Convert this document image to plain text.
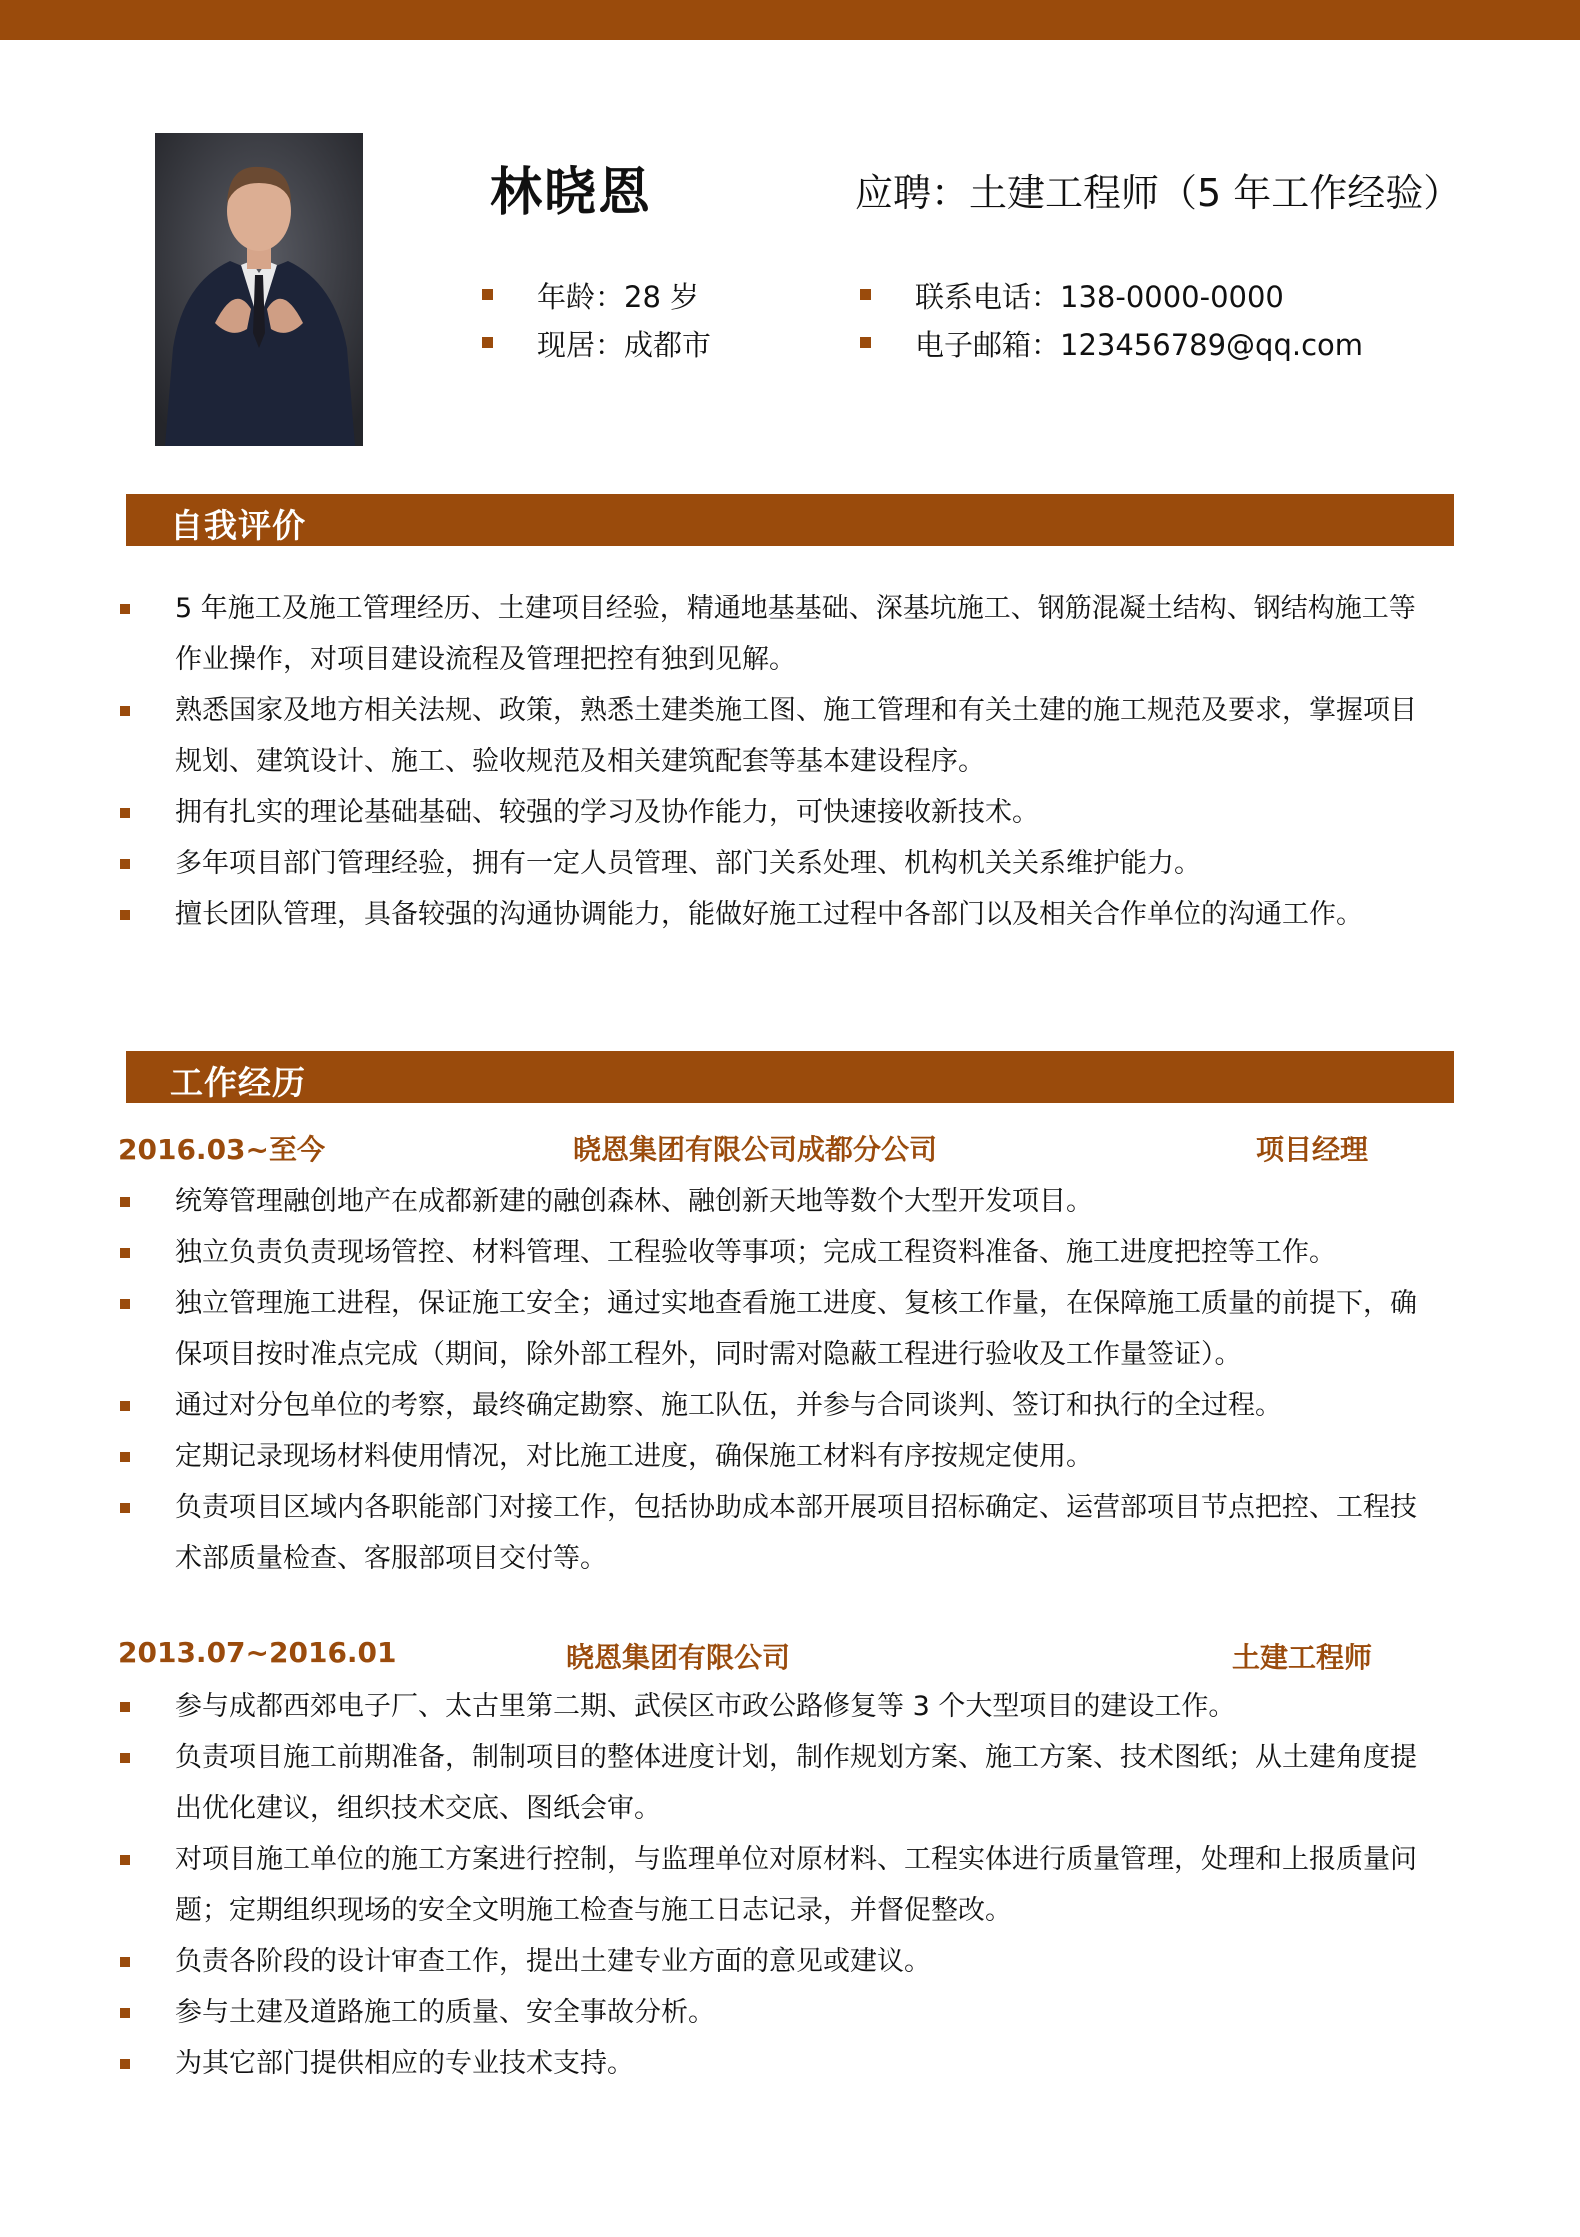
林晓恩	应聘：土建工程师（5 年工作经验）
年龄：28 岁
现居：成都市
联系电话：138-0000-0000
电子邮箱：123456789@qq.com
自我评价
5 年施工及施工管理经历、土建项目经验，精通地基基础、深基坑施工、钢筋混凝土结构、钢结构施工等作业操作，对项目建设流程及管理把控有独到见解。
熟悉国家及地方相关法规、政策，熟悉土建类施工图、施工管理和有关土建的施工规范及要求，掌握项目规划、建筑设计、施工、验收规范及相关建筑配套等基本建设程序。
拥有扎实的理论基础基础、较强的学习及协作能力，可快速接收新技术。
多年项目部门管理经验，拥有一定人员管理、部门关系处理、机构机关关系维护能力。
擅长团队管理，具备较强的沟通协调能力，能做好施工过程中各部门以及相关合作单位的沟通工作。
工作经历
2016.03~至今	晓恩集团有限公司成都分公司	项目经理
统筹管理融创地产在成都新建的融创森林、融创新天地等数个大型开发项目。
独立负责负责现场管控、材料管理、工程验收等事项；完成工程资料准备、施工进度把控等工作。
独立管理施工进程，保证施工安全；通过实地查看施工进度、复核工作量，在保障施工质量的前提下，确保项目按时准点完成（期间，除外部工程外，同时需对隐蔽工程进行验收及工作量签证）。
通过对分包单位的考察，最终确定勘察、施工队伍，并参与合同谈判、签订和执行的全过程。
定期记录现场材料使用情况，对比施工进度，确保施工材料有序按规定使用。
负责项目区域内各职能部门对接工作，包括协助成本部开展项目招标确定、运营部项目节点把控、工程技术部质量检查、客服部项目交付等。
2013.07~2016.01	晓恩集团有限公司	土建工程师
参与成都西郊电子厂、太古里第二期、武侯区市政公路修复等 3 个大型项目的建设工作。
负责项目施工前期准备，制制项目的整体进度计划，制作规划方案、施工方案、技术图纸；从土建角度提出优化建议，组织技术交底、图纸会审。
对项目施工单位的施工方案进行控制，与监理单位对原材料、工程实体进行质量管理，处理和上报质量问题；定期组织现场的安全文明施工检查与施工日志记录，并督促整改。
负责各阶段的设计审查工作，提出土建专业方面的意见或建议。
参与土建及道路施工的质量、安全事故分析。
为其它部门提供相应的专业技术支持。
